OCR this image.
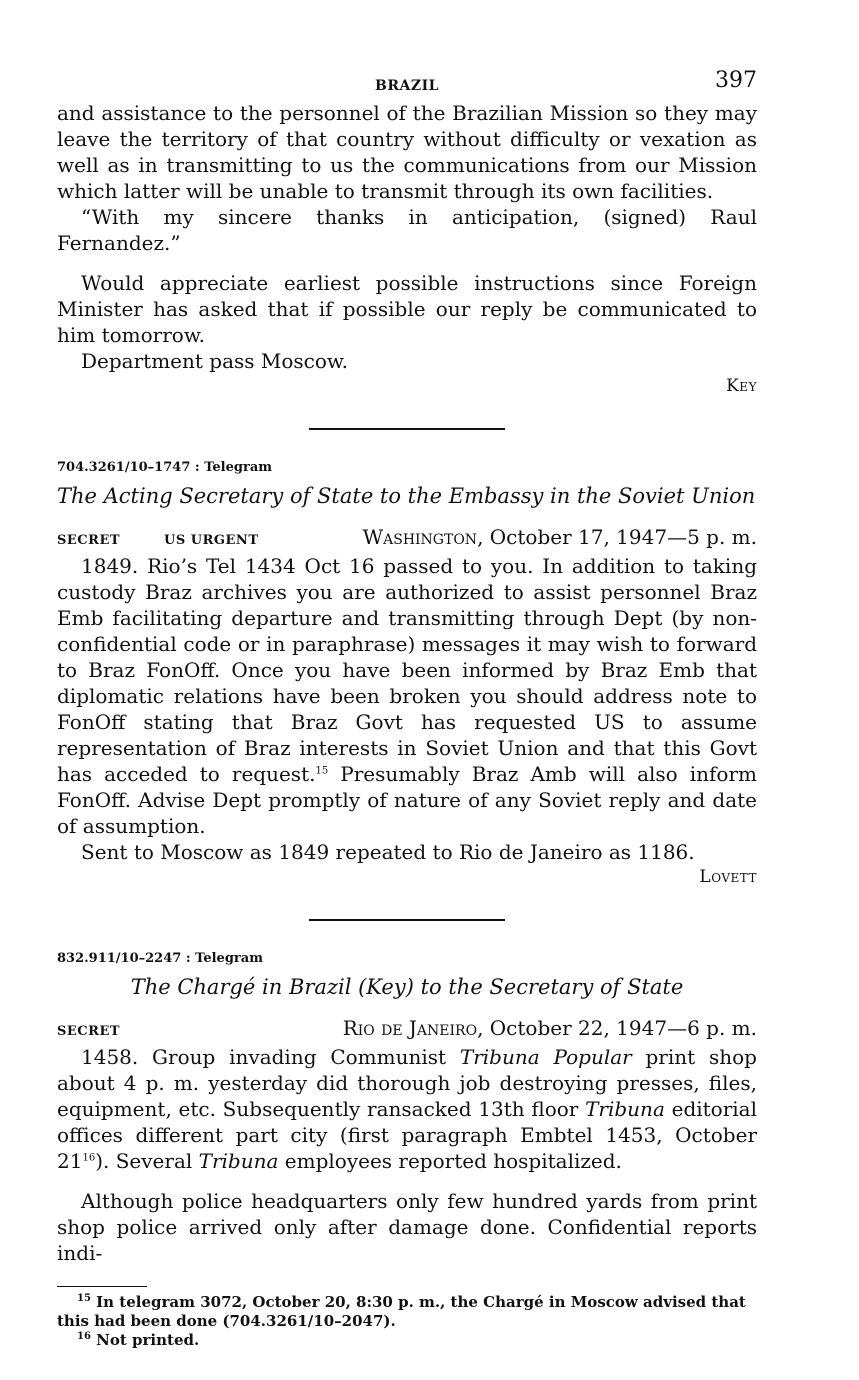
BRAZIL	397

and assistance to the personnel of the Brazilian Mission so they may leave the territory of that country without difficulty or vexation as well as in transmitting to us the communications from our Mission which latter will be unable to transmit through its own facilities.

“With my sincere thanks in anticipation, (signed) Raul Fernandez.”

Would appreciate earliest possible instructions since Foreign Minister has asked that if possible our reply be communicated to him tomorrow.

Department pass Moscow.

Key

704.3261/10–1747 : Telegram
The Acting Secretary of State to the Embassy in the Soviet Union
SECRET	US URGENT	Washington, October 17, 1947—5 p. m.

1849. Rio’s Tel 1434 Oct 16 passed to you. In addition to taking custody Braz archives you are authorized to assist personnel Braz Emb facilitating departure and transmitting through Dept (by non-confidential code or in paraphrase) messages it may wish to forward to Braz FonOff. Once you have been informed by Braz Emb that diplomatic relations have been broken you should address note to FonOff stating that Braz Govt has requested US to assume representation of Braz interests in Soviet Union and that this Govt has acceded to request.$^{15}$ Presumably Braz Amb will also inform FonOff. Advise Dept promptly of nature of any Soviet reply and date of assumption.

Sent to Moscow as 1849 repeated to Rio de Janeiro as 1186.

Lovett

832.911/10–2247 : Telegram
The Chargé in Brazil (Key) to the Secretary of State
SECRET	Rio de Janeiro, October 22, 1947—6 p. m.

1458. Group invading Communist Tribuna Popular print shop about 4 p. m. yesterday did thorough job destroying presses, files, equipment, etc. Subsequently ransacked 13th floor Tribuna editorial offices different part city (first paragraph Embtel 1453, October $21^{16}$). Several Tribuna employees reported hospitalized.

Although police headquarters only few hundred yards from print shop police arrived only after damage done. Confidential reports indi-

$^{15}$ In telegram 3072, October 20, 8:30 p. m., the Chargé in Moscow advised that this had been done (704.3261/10–2047).

$^{16}$ Not printed.
